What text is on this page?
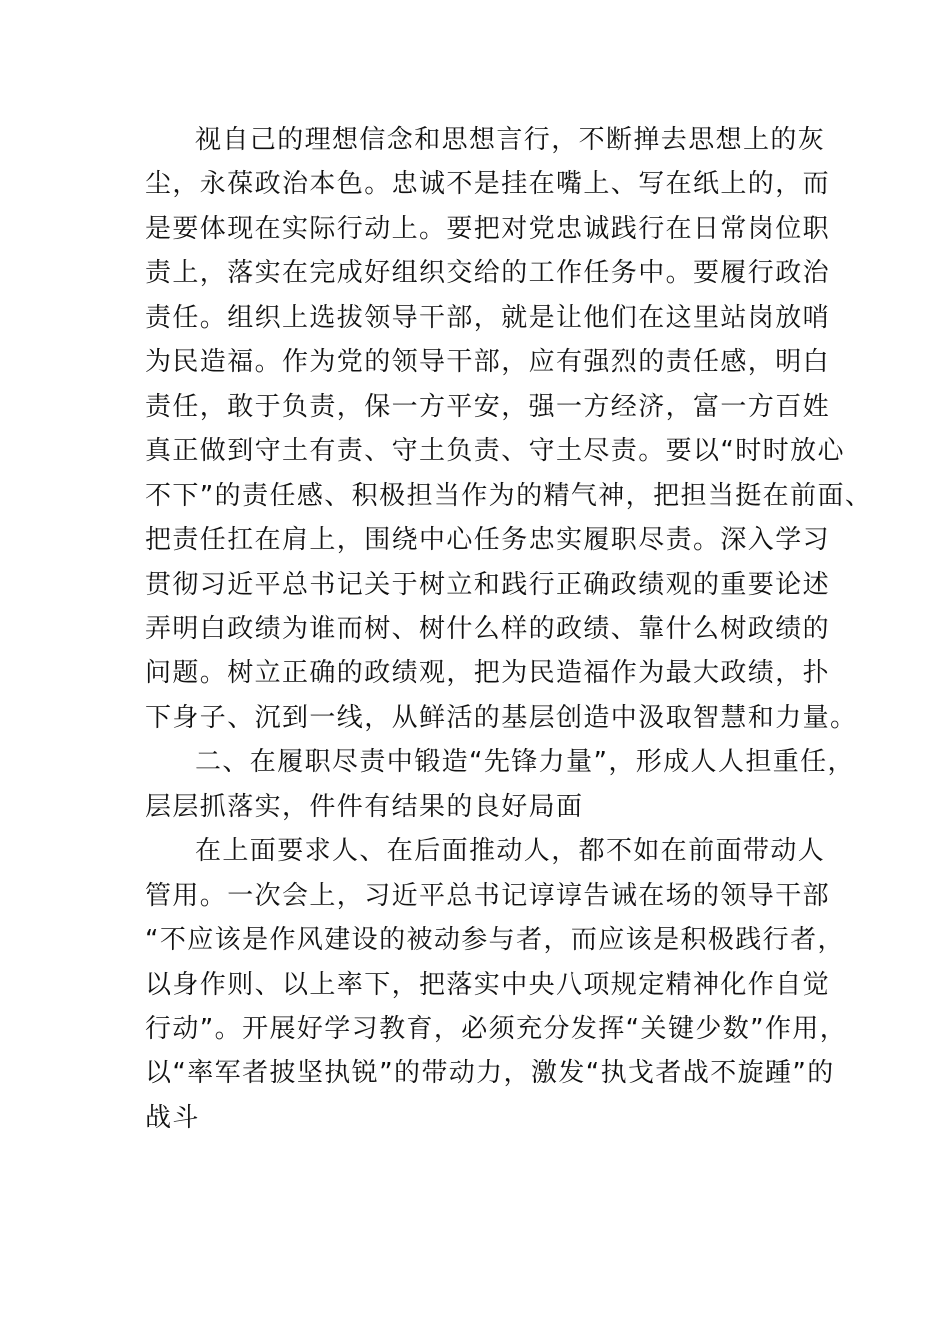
视自己的理想信念和思想言行，不断掸去思想上的灰
尘，永葆政治本色。忠诚不是挂在嘴上、写在纸上的，而
是要体现在实际行动上。要把对党忠诚践行在日常岗位职
责上，落实在完成好组织交给的工作任务中。要履行政治
责任。组织上选拔领导干部，就是让他们在这里站岗放哨
为民造福。作为党的领导干部，应有强烈的责任感，明白
责任，敢于负责，保一方平安，强一方经济，富一方百姓
真正做到守土有责、守土负责、守土尽责。要以“时时放心
不下”的责任感、积极担当作为的精气神，把担当挺在前面、
把责任扛在肩上，围绕中心任务忠实履职尽责。深入学习
贯彻习近平总书记关于树立和践行正确政绩观的重要论述
弄明白政绩为谁而树、树什么样的政绩、靠什么树政绩的
问题。树立正确的政绩观，把为民造福作为最大政绩，扑
下身子、沉到一线，从鲜活的基层创造中汲取智慧和力量。
二、在履职尽责中锻造“先锋力量”，形成人人担重任，
层层抓落实，件件有结果的良好局面
在上面要求人、在后面推动人，都不如在前面带动人
管用。一次会上，习近平总书记谆谆告诫在场的领导干部
“不应该是作风建设的被动参与者，而应该是积极践行者，
以身作则、以上率下，把落实中央八项规定精神化作自觉
行动”。开展好学习教育，必须充分发挥“关键少数”作用，
以“率军者披坚执锐”的带动力，激发“执戈者战不旋踵”的
战斗
